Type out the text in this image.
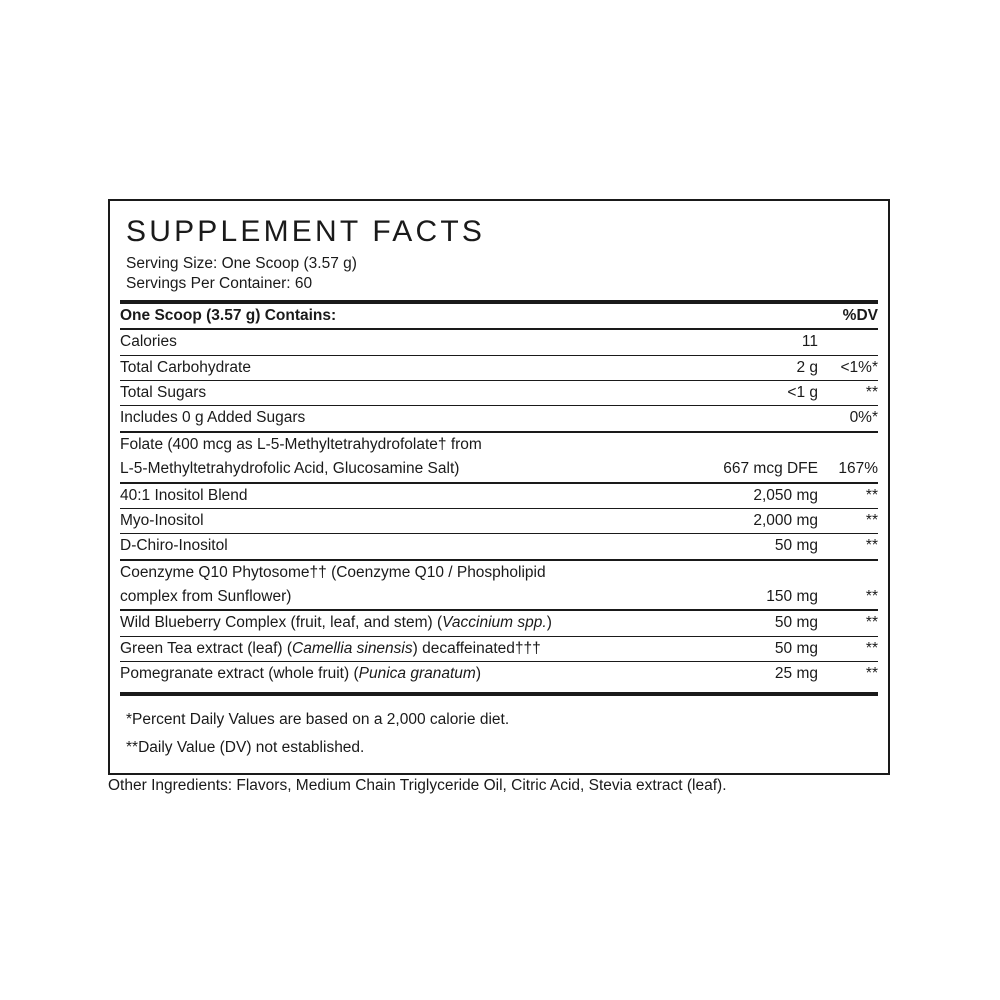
SUPPLEMENT FACTS
Serving Size: One Scoop (3.57 g)
Servings Per Container: 60
One Scoop (3.57 g) Contains:		%DV
Calories	11	
Total Carbohydrate	2 g	<1%*
Total Sugars	<1 g	**
Includes 0 g Added Sugars		0%*
Folate (400 mcg as L-5-Methyltetrahydrofolate† from		
L-5-Methyltetrahydrofolic Acid, Glucosamine Salt)	667 mcg DFE	167%
40:1 Inositol Blend	2,050 mg	**
Myo-Inositol	2,000 mg	**
D-Chiro-Inositol	50 mg	**
Coenzyme Q10 Phytosome†† (Coenzyme Q10 / Phospholipid		
complex from Sunflower)	150 mg	**
Wild Blueberry Complex (fruit, leaf, and stem) (Vaccinium spp.)	50 mg	**
Green Tea extract (leaf) (Camellia sinensis) decaffeinated†††	50 mg	**
Pomegranate extract (whole fruit) (Punica granatum)	25 mg	**
*Percent Daily Values are based on a 2,000 calorie diet.
**Daily Value (DV) not established.
Other Ingredients: Flavors, Medium Chain Triglyceride Oil, Citric Acid, Stevia extract (leaf).
